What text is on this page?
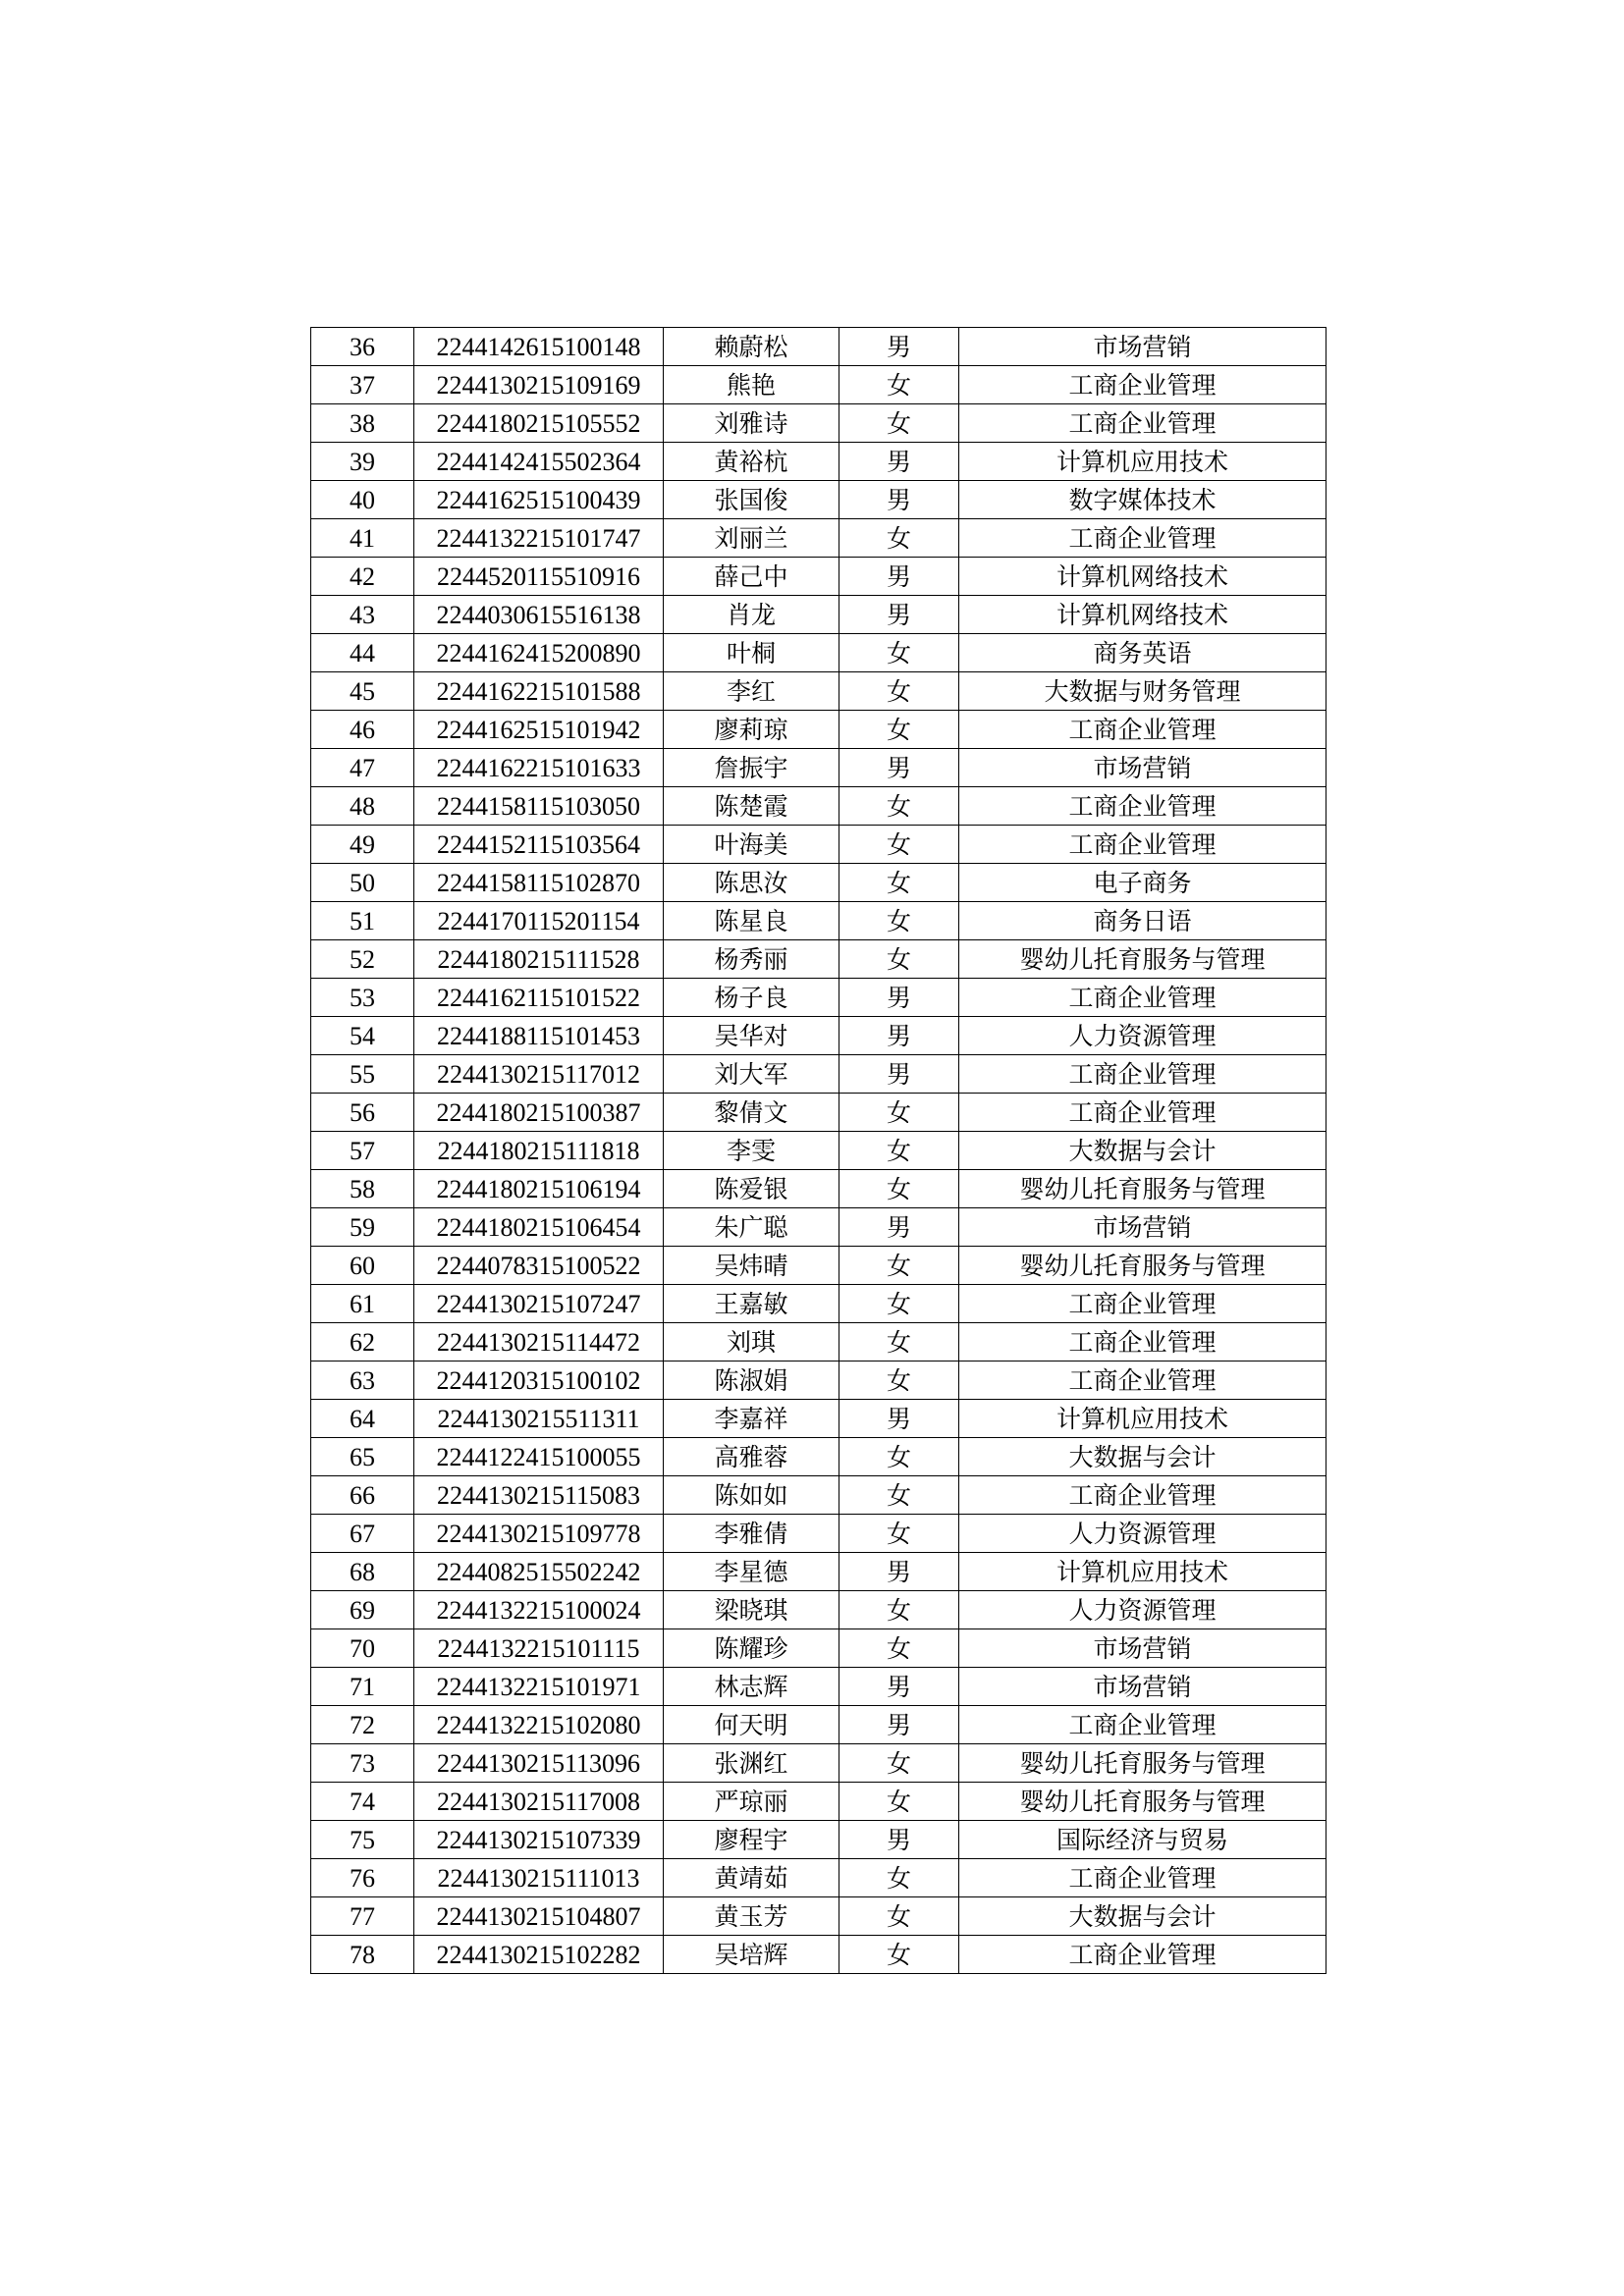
36	2244142615100148	赖蔚松	男	市场营销
37	2244130215109169	熊艳	女	工商企业管理
38	2244180215105552	刘雅诗	女	工商企业管理
39	2244142415502364	黄裕杭	男	计算机应用技术
40	2244162515100439	张国俊	男	数字媒体技术
41	2244132215101747	刘丽兰	女	工商企业管理
42	2244520115510916	薛己中	男	计算机网络技术
43	2244030615516138	肖龙	男	计算机网络技术
44	2244162415200890	叶桐	女	商务英语
45	2244162215101588	李红	女	大数据与财务管理
46	2244162515101942	廖莉琼	女	工商企业管理
47	2244162215101633	詹振宇	男	市场营销
48	2244158115103050	陈楚霞	女	工商企业管理
49	2244152115103564	叶海美	女	工商企业管理
50	2244158115102870	陈思汝	女	电子商务
51	2244170115201154	陈星良	女	商务日语
52	2244180215111528	杨秀丽	女	婴幼儿托育服务与管理
53	2244162115101522	杨子良	男	工商企业管理
54	2244188115101453	吴华对	男	人力资源管理
55	2244130215117012	刘大军	男	工商企业管理
56	2244180215100387	黎倩文	女	工商企业管理
57	2244180215111818	李雯	女	大数据与会计
58	2244180215106194	陈爱银	女	婴幼儿托育服务与管理
59	2244180215106454	朱广聪	男	市场营销
60	2244078315100522	吴炜晴	女	婴幼儿托育服务与管理
61	2244130215107247	王嘉敏	女	工商企业管理
62	2244130215114472	刘琪	女	工商企业管理
63	2244120315100102	陈淑娟	女	工商企业管理
64	2244130215511311	李嘉祥	男	计算机应用技术
65	2244122415100055	高雅蓉	女	大数据与会计
66	2244130215115083	陈如如	女	工商企业管理
67	2244130215109778	李雅倩	女	人力资源管理
68	2244082515502242	李星德	男	计算机应用技术
69	2244132215100024	梁晓琪	女	人力资源管理
70	2244132215101115	陈耀珍	女	市场营销
71	2244132215101971	林志辉	男	市场营销
72	2244132215102080	何天明	男	工商企业管理
73	2244130215113096	张渊红	女	婴幼儿托育服务与管理
74	2244130215117008	严琼丽	女	婴幼儿托育服务与管理
75	2244130215107339	廖程宇	男	国际经济与贸易
76	2244130215111013	黄靖茹	女	工商企业管理
77	2244130215104807	黄玉芳	女	大数据与会计
78	2244130215102282	吴培辉	女	工商企业管理
